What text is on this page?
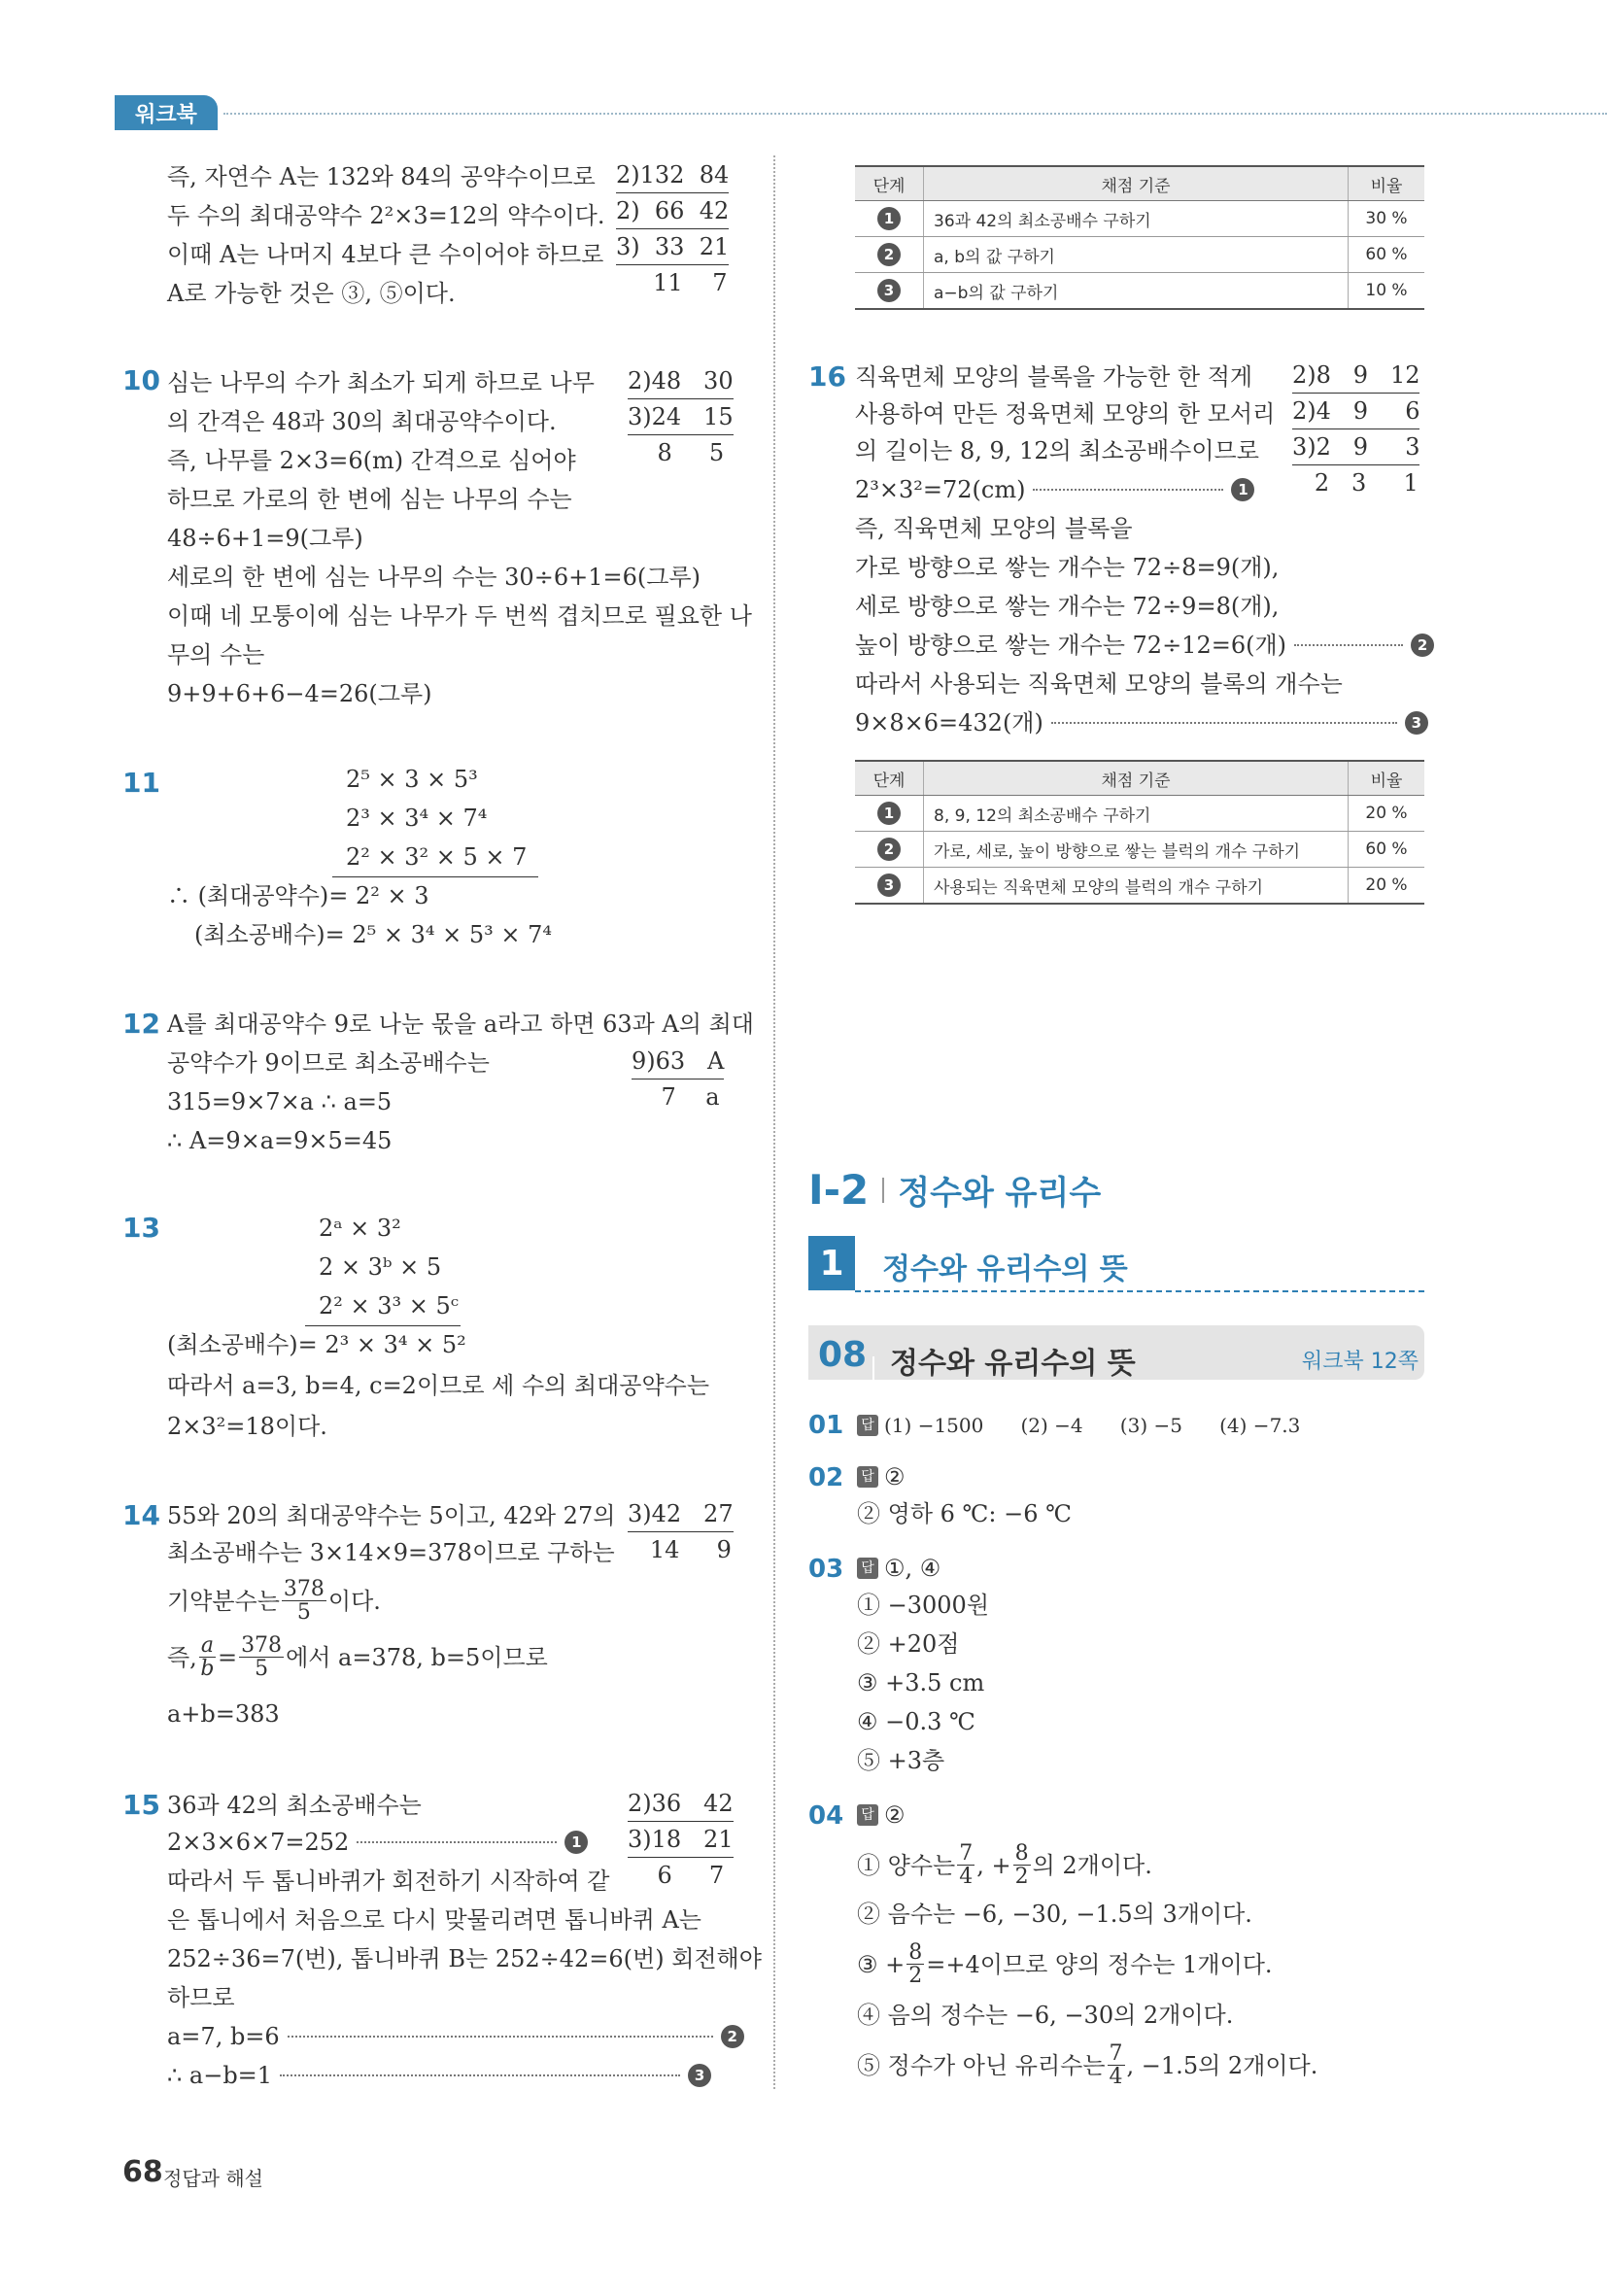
워크북
즉, 자연수 A는 132와 84의 공약수이므로
두 수의 최대공약수 2²×3=12의 약수이다.
이때 A는 나머지 4보다 큰 수이어야 하므로
A로 가능한 것은 ③, ⑤이다.
2)132  84
2)  66  42
3)  33  21
11    7
10 심는 나무의 수가 최소가 되게 하므로 나무
의 간격은 48과 30의 최대공약수이다.
즉, 나무를 2×3=6(m) 간격으로 심어야
하므로 가로의 한 변에 심는 나무의 수는
48÷6+1=9(그루)
세로의 한 변에 심는 나무의 수는 30÷6+1=6(그루)
이때 네 모퉁이에 심는 나무가 두 번씩 겹치므로 필요한 나
무의 수는
9+9+6+6−4=26(그루)
2)48   30
3)24   15
8     5
11	2⁵ × 3 × 5³
2³ × 3⁴ × 7⁴
2² × 3² × 5 × 7
∴ (최대공약수)= 2² × 3
(최소공배수)= 2⁵ × 3⁴ × 5³ × 7⁴
12 A를 최대공약수 9로 나눈 몫을 a라고 하면 63과 A의 최대
공약수가 9이므로 최소공배수는
315=9×7×a ∴ a=5
∴ A=9×a=9×5=45
9)63   A
7    a
13	2ᵃ × 3²
2 × 3ᵇ × 5
2² × 3³ × 5ᶜ
(최소공배수)= 2³ × 3⁴ × 5²
따라서 a=3, b=4, c=2이므로 세 수의 최대공약수는
2×3²=18이다.
14 55와 20의 최대공약수는 5이고, 42와 27의
최소공배수는 3×14×9=378이므로 구하는
기약분수는 $\frac{378}{5}$ 이다.
즉, $\frac{a}{b} = \frac{378}{5}$ 에서 a=378, b=5이므로
a+b=383
3)42   27
14     9
15 36과 42의 최소공배수는
2×3×6×7=252	1
따라서 두 톱니바퀴가 회전하기 시작하여 같
은 톱니에서 처음으로 다시 맞물리려면 톱니바퀴 A는
252÷36=7(번), 톱니바퀴 B는 252÷42=6(번) 회전해야
하므로
a=7, b=6	2
∴ a−b=1	3
2)36   42
3)18   21
6     7
단계	채점 기준	비율
1	36과 42의 최소공배수 구하기	30 %
2	a, b의 값 구하기	60 %
3	a−b의 값 구하기	10 %
16 직육면체 모양의 블록을 가능한 한 적게
사용하여 만든 정육면체 모양의 한 모서리
의 길이는 8, 9, 12의 최소공배수이므로
2³×3²=72(cm)	1
즉, 직육면체 모양의 블록을
가로 방향으로 쌓는 개수는 72÷8=9(개),
세로 방향으로 쌓는 개수는 72÷9=8(개),
높이 방향으로 쌓는 개수는 72÷12=6(개)	2
따라서 사용되는 직육면체 모양의 블록의 개수는
9×8×6=432(개)	3
2)8   9   12
2)4   9     6
3)2   9     3
2   3     1
단계	채점 기준	비율
1	8, 9, 12의 최소공배수 구하기	20 %
2	가로, 세로, 높이 방향으로 쌓는 블럭의 개수 구하기	60 %
3	사용되는 직육면체 모양의 블럭의 개수 구하기	20 %
I-2 정수와 유리수
1	정수와 유리수의 뜻
08 정수와 유리수의 뜻	워크북 12쪽
01	답 (1) −1500      (2) −4      (3) −5      (4) −7.3
02	답 ②
② 영하 6 ℃: −6 ℃
03	답 ①, ④
① −3000원
② +20점
③ +3.5 cm
④ −0.3 ℃
⑤ +3층
04	답 ②
① 양수는 $\frac{7}{4}$ , + $\frac{8}{2}$ 의 2개이다.
② 음수는 −6, −30, −1.5의 3개이다.
③ + $\frac{8}{2} =+4$이므로 양의 정수는 1개이다.
④ 음의 정수는 −6, −30의 2개이다.
⑤ 정수가 아닌 유리수는 $\frac{7}{4}$ , −1.5의 2개이다.
68 정답과 해설
